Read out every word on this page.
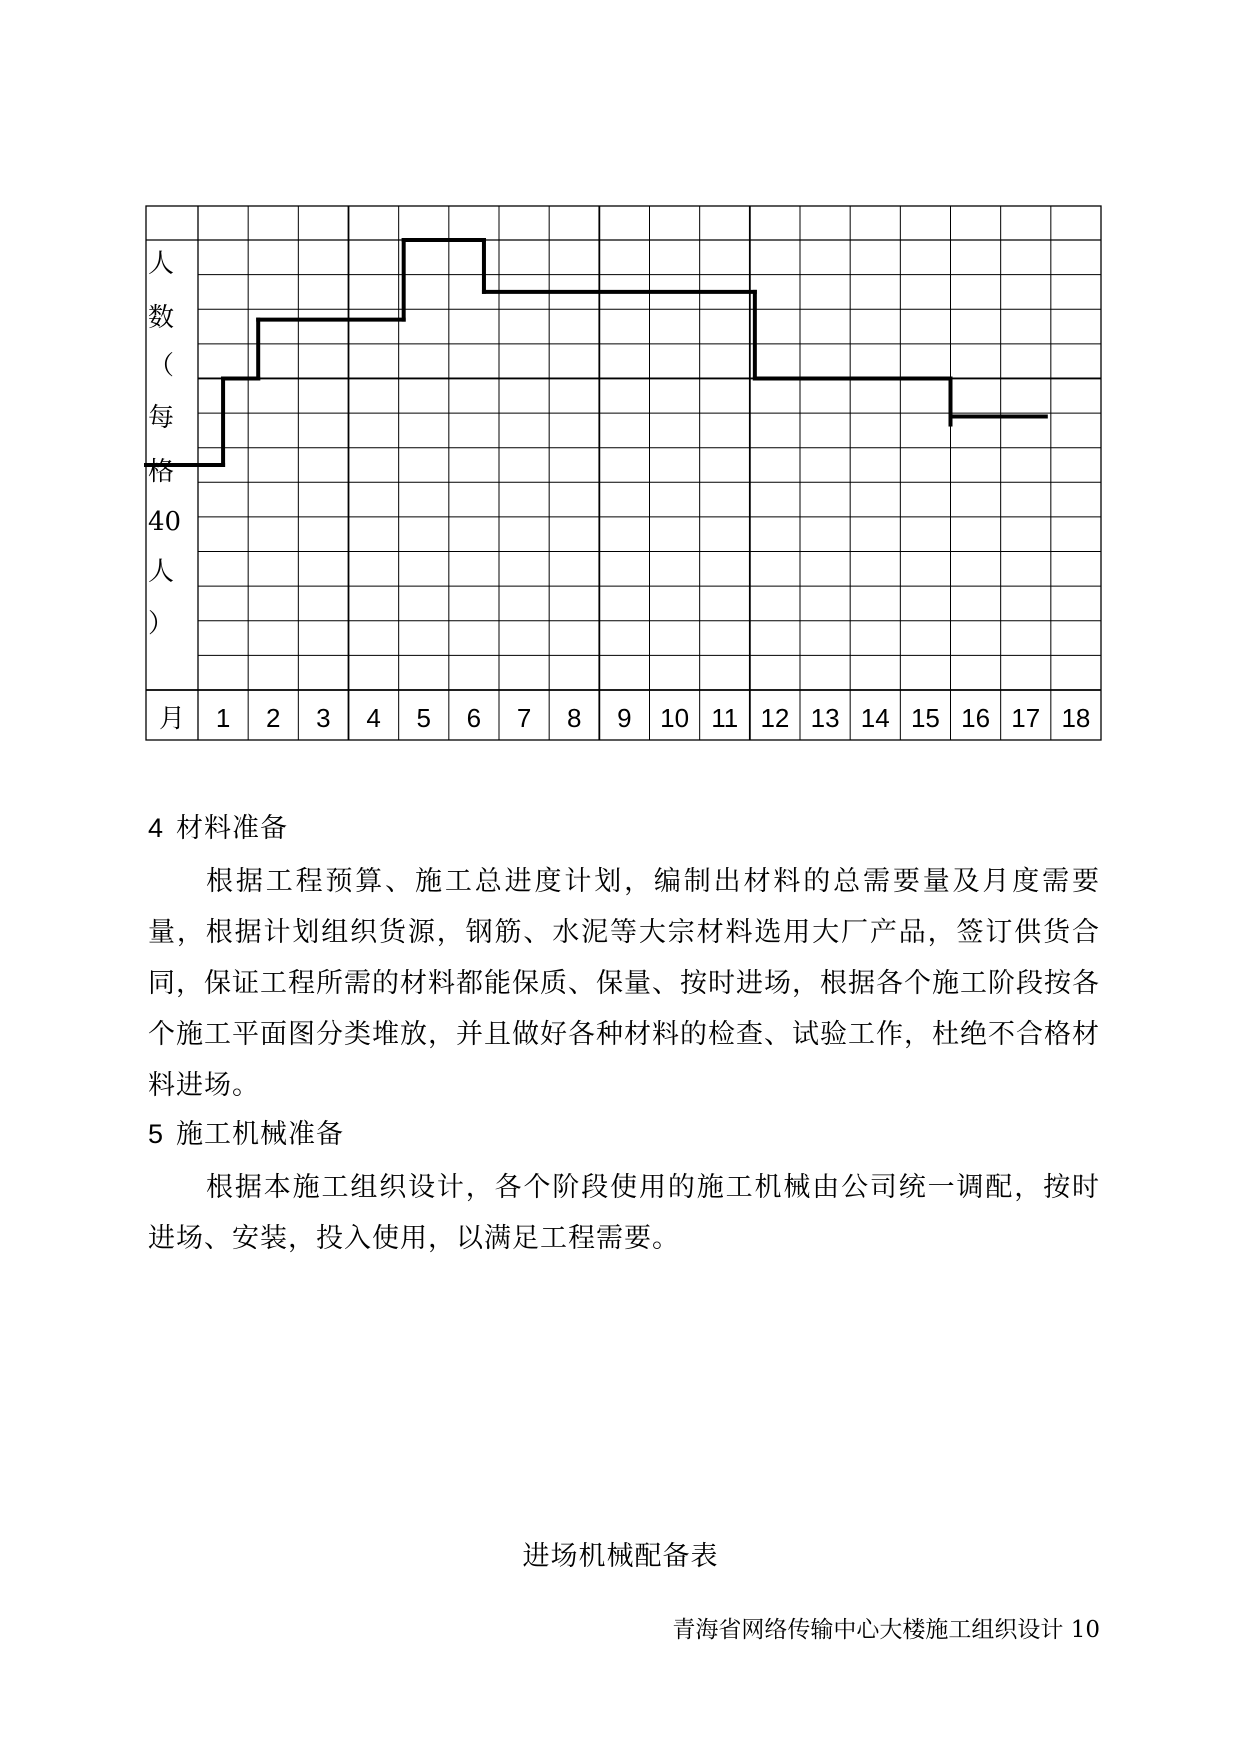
人
数
（
每
格
40
人
）
月 1 2 3 4 5 6 7 8 9 10 11 12 13 14 15 16 17 18
4 材料准备

根据工程预算、施工总进度计划，编制出材料的总需要量及月度需要量，根据计划组织货源，钢筋、水泥等大宗材料选用大厂产品，签订供货合同，保证工程所需的材料都能保质、保量、按时进场，根据各个施工阶段按各个施工平面图分类堆放，并且做好各种材料的检查、试验工作，杜绝不合格材料进场。

5 施工机械准备

根据本施工组织设计，各个阶段使用的施工机械由公司统一调配，按时进场、安装，投入使用，以满足工程需要。

进场机械配备表
青海省网络传输中心大楼施工组织设计 10
